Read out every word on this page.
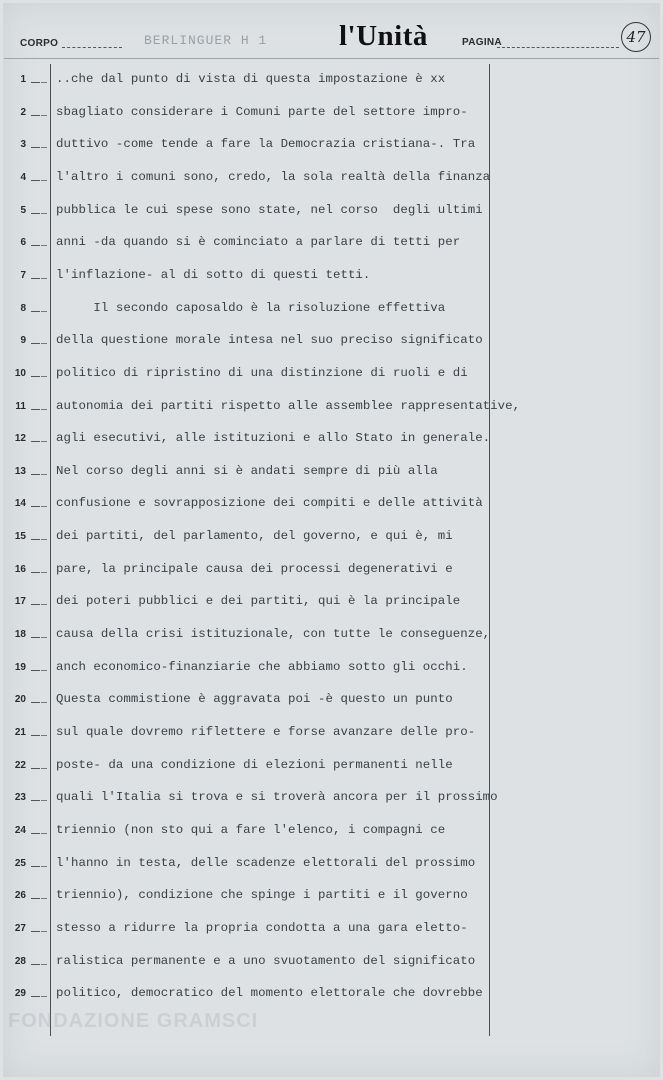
CORPO	BERLINGUER H 1 l'Unità	PAGINA	47
1 ..che dal punto di vista di questa impostazione è xx
2 sbagliato considerare i Comuni parte del settore impro-
3 duttivo -come tende a fare la Democrazia cristiana-. Tra
4 l'altro i comuni sono, credo, la sola realtà della finanza
5 pubblica le cui spese sono state, nel corso  degli ultimi
6 anni -da quando si è cominciato a parlare di tetti per
7 l'inflazione- al di sotto di questi tetti.
8 Il secondo caposaldo è la risoluzione effettiva
9 della questione morale intesa nel suo preciso significato
10 politico di ripristino di una distinzione di ruoli e di
11 autonomia dei partiti rispetto alle assemblee rappresentative,
12 agli esecutivi, alle istituzioni e allo Stato in generale.
13 Nel corso degli anni si è andati sempre di più alla
14 confusione e sovrapposizione dei compiti e delle attività
15 dei partiti, del parlamento, del governo, e qui è, mi
16 pare, la principale causa dei processi degenerativi e
17 dei poteri pubblici e dei partiti, qui è la principale
18 causa della crisi istituzionale, con tutte le conseguenze,
19 anch economico-finanziarie che abbiamo sotto gli occhi.
20 Questa commistione è aggravata poi -è questo un punto
21 sul quale dovremo riflettere e forse avanzare delle pro-
22 poste- da una condizione di elezioni permanenti nelle
23 quali l'Italia si trova e si troverà ancora per il prossimo
24 triennio (non sto qui a fare l'elenco, i compagni ce
25 l'hanno in testa, delle scadenze elettorali del prossimo
26 triennio), condizione che spinge i partiti e il governo
27 stesso a ridurre la propria condotta a una gara eletto-
28 ralistica permanente e a uno svuotamento del significato
29 politico, democratico del momento elettorale che dovrebbe
FONDAZIONE GRAMSCI
